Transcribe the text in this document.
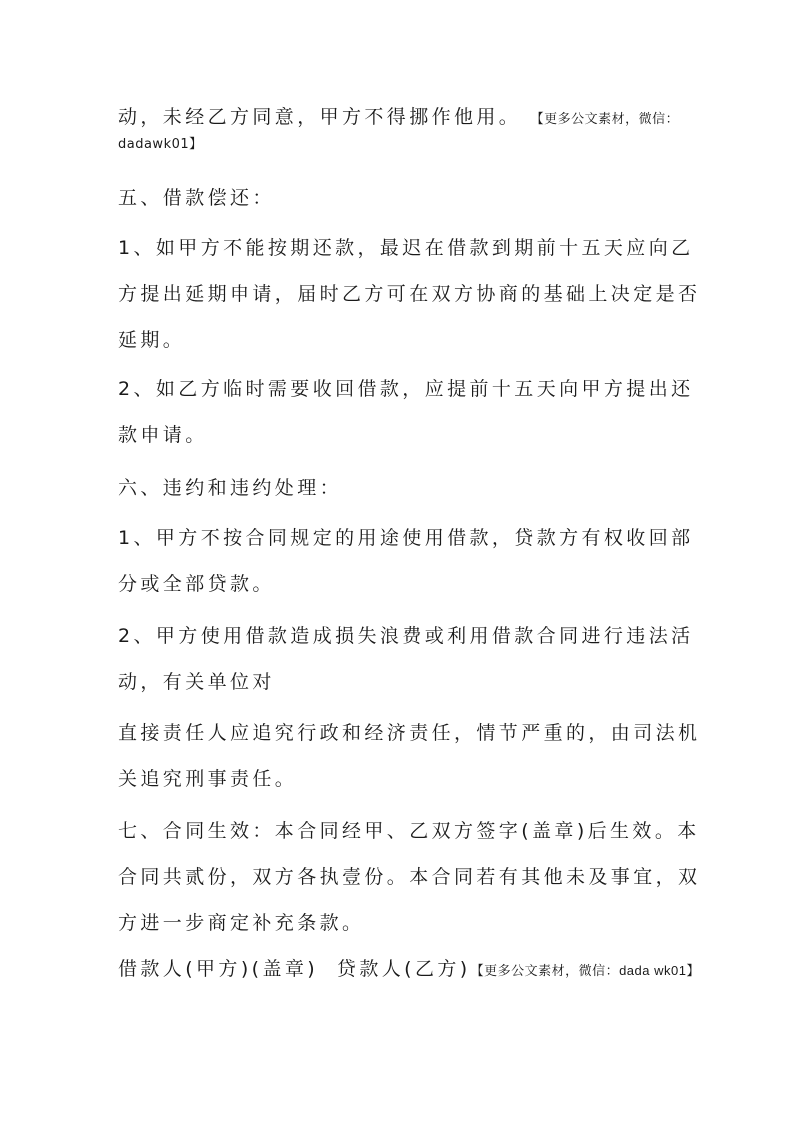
动，未经乙方同意，甲方不得挪作他用。 【更多公文素材，微信：
dadawk01】
五、借款偿还：
1、如甲方不能按期还款，最迟在借款到期前十五天应向乙
方提出延期申请，届时乙方可在双方协商的基础上决定是否
延期。
2、如乙方临时需要收回借款，应提前十五天向甲方提出还
款申请。
六、违约和违约处理：
1、甲方不按合同规定的用途使用借款，贷款方有权收回部
分或全部贷款。
2、甲方使用借款造成损失浪费或利用借款合同进行违法活
动，有关单位对
直接责任人应追究行政和经济责任，情节严重的，由司法机
关追究刑事责任。
七、合同生效：本合同经甲、乙双方签字(盖章)后生效。本
合同共贰份，双方各执壹份。本合同若有其他未及事宜，双
方进一步商定补充条款。
借款人(甲方)(盖章)  贷款人(乙方)【更多公文素材，微信：dada wk01】
